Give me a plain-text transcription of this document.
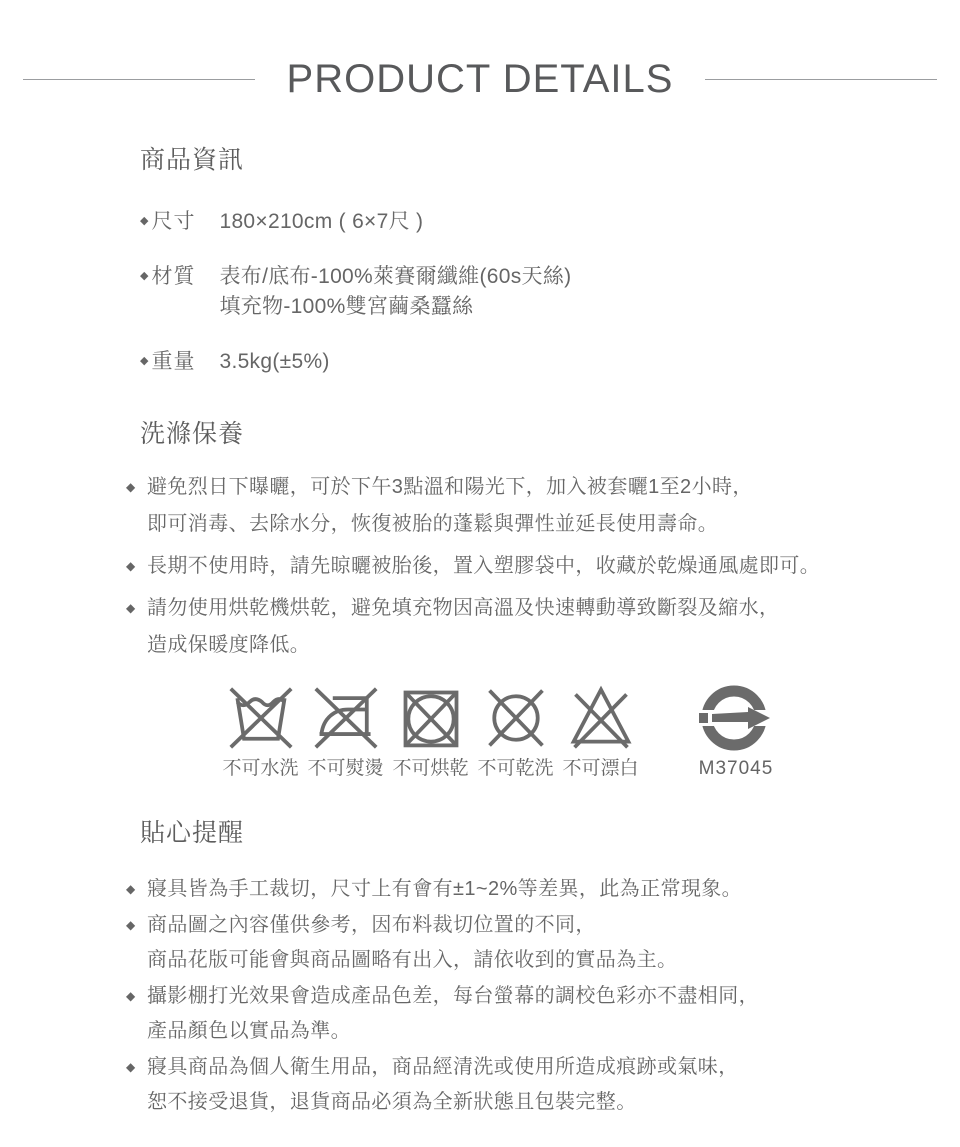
PRODUCT DETAILS
商品資訊
◆ 尺寸 180×210cm ( 6×7尺 )
◆ 材質 表布/底布-100%萊賽爾纖維(60s天絲)
填充物-100%雙宮繭桑蠶絲
◆ 重量 3.5kg(±5%)
洗滌保養

◆ 避免烈日下曝曬，可於下午3點溫和陽光下，加入被套曬1至2小時，
即可消毒、去除水分，恢復被胎的蓬鬆與彈性並延長使用壽命。

◆ 長期不使用時，請先晾曬被胎後，置入塑膠袋中，收藏於乾燥通風處即可。

◆ 請勿使用烘乾機烘乾，避免填充物因高溫及快速轉動導致斷裂及縮水，
造成保暖度降低。

不可水洗 不可熨燙 不可烘乾 不可乾洗 不可漂白	M37045
貼心提醒

◆ 寢具皆為手工裁切，尺寸上有會有±1~2%等差異，此為正常現象。

◆ 商品圖之內容僅供參考，因布料裁切位置的不同，
商品花版可能會與商品圖略有出入，請依收到的實品為主。

◆ 攝影棚打光效果會造成產品色差，每台螢幕的調校色彩亦不盡相同，
產品顏色以實品為準。

◆ 寢具商品為個人衛生用品，商品經清洗或使用所造成痕跡或氣味，
恕不接受退貨，退貨商品必須為全新狀態且包裝完整。
